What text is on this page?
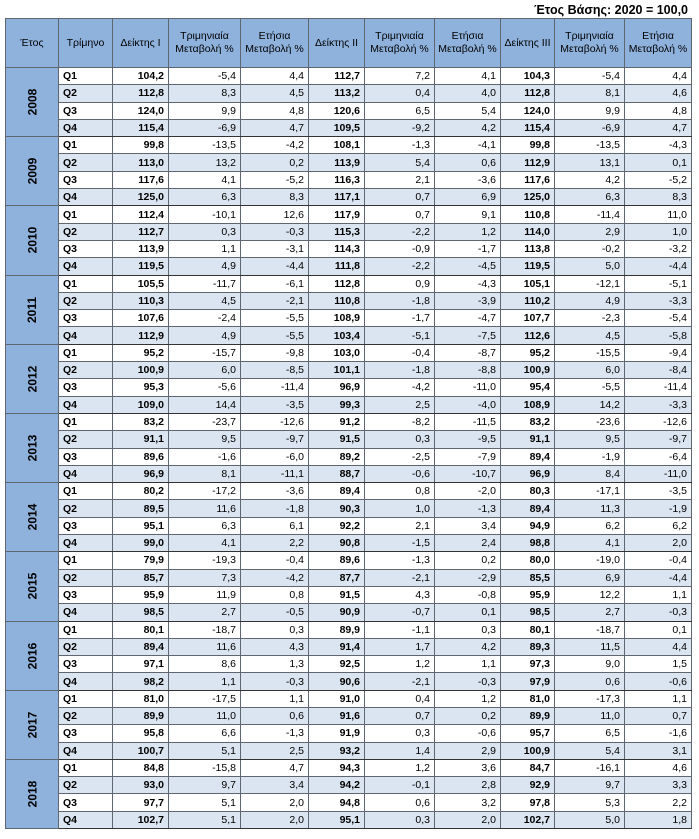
Έτος Βάσης: 2020 = 100,0
Έτος	Τρίμηνο	Δείκτης I	Τριμηνιαία Μεταβολή %	Ετήσια Μεταβολή %	Δείκτης II	Τριμηνιαία Μεταβολή %	Ετήσια Μεταβολή %	Δείκτης III	Τριμηνιαία Μεταβολή %	Ετήσια Μεταβολή %
2008	Q1	104,2	-5,4	4,4	112,7	7,2	4,1	104,3	-5,4	4,4
	Q2	112,8	8,3	4,5	113,2	0,4	4,0	112,8	8,1	4,6
	Q3	124,0	9,9	4,8	120,6	6,5	5,4	124,0	9,9	4,8
	Q4	115,4	-6,9	4,7	109,5	-9,2	4,2	115,4	-6,9	4,7
2009	Q1	99,8	-13,5	-4,2	108,1	-1,3	-4,1	99,8	-13,5	-4,3
	Q2	113,0	13,2	0,2	113,9	5,4	0,6	112,9	13,1	0,1
	Q3	117,6	4,1	-5,2	116,3	2,1	-3,6	117,6	4,2	-5,2
	Q4	125,0	6,3	8,3	117,1	0,7	6,9	125,0	6,3	8,3
2010	Q1	112,4	-10,1	12,6	117,9	0,7	9,1	110,8	-11,4	11,0
	Q2	112,7	0,3	-0,3	115,3	-2,2	1,2	114,0	2,9	1,0
	Q3	113,9	1,1	-3,1	114,3	-0,9	-1,7	113,8	-0,2	-3,2
	Q4	119,5	4,9	-4,4	111,8	-2,2	-4,5	119,5	5,0	-4,4
2011	Q1	105,5	-11,7	-6,1	112,8	0,9	-4,3	105,1	-12,1	-5,1
	Q2	110,3	4,5	-2,1	110,8	-1,8	-3,9	110,2	4,9	-3,3
	Q3	107,6	-2,4	-5,5	108,9	-1,7	-4,7	107,7	-2,3	-5,4
	Q4	112,9	4,9	-5,5	103,4	-5,1	-7,5	112,6	4,5	-5,8
2012	Q1	95,2	-15,7	-9,8	103,0	-0,4	-8,7	95,2	-15,5	-9,4
	Q2	100,9	6,0	-8,5	101,1	-1,8	-8,8	100,9	6,0	-8,4
	Q3	95,3	-5,6	-11,4	96,9	-4,2	-11,0	95,4	-5,5	-11,4
	Q4	109,0	14,4	-3,5	99,3	2,5	-4,0	108,9	14,2	-3,3
2013	Q1	83,2	-23,7	-12,6	91,2	-8,2	-11,5	83,2	-23,6	-12,6
	Q2	91,1	9,5	-9,7	91,5	0,3	-9,5	91,1	9,5	-9,7
	Q3	89,6	-1,6	-6,0	89,2	-2,5	-7,9	89,4	-1,9	-6,4
	Q4	96,9	8,1	-11,1	88,7	-0,6	-10,7	96,9	8,4	-11,0
2014	Q1	80,2	-17,2	-3,6	89,4	0,8	-2,0	80,3	-17,1	-3,5
	Q2	89,5	11,6	-1,8	90,3	1,0	-1,3	89,4	11,3	-1,9
	Q3	95,1	6,3	6,1	92,2	2,1	3,4	94,9	6,2	6,2
	Q4	99,0	4,1	2,2	90,8	-1,5	2,4	98,8	4,1	2,0
2015	Q1	79,9	-19,3	-0,4	89,6	-1,3	0,2	80,0	-19,0	-0,4
	Q2	85,7	7,3	-4,2	87,7	-2,1	-2,9	85,5	6,9	-4,4
	Q3	95,9	11,9	0,8	91,5	4,3	-0,8	95,9	12,2	1,1
	Q4	98,5	2,7	-0,5	90,9	-0,7	0,1	98,5	2,7	-0,3
2016	Q1	80,1	-18,7	0,3	89,9	-1,1	0,3	80,1	-18,7	0,1
	Q2	89,4	11,6	4,3	91,4	1,7	4,2	89,3	11,5	4,4
	Q3	97,1	8,6	1,3	92,5	1,2	1,1	97,3	9,0	1,5
	Q4	98,2	1,1	-0,3	90,6	-2,1	-0,3	97,9	0,6	-0,6
2017	Q1	81,0	-17,5	1,1	91,0	0,4	1,2	81,0	-17,3	1,1
	Q2	89,9	11,0	0,6	91,6	0,7	0,2	89,9	11,0	0,7
	Q3	95,8	6,6	-1,3	91,9	0,3	-0,6	95,7	6,5	-1,6
	Q4	100,7	5,1	2,5	93,2	1,4	2,9	100,9	5,4	3,1
2018	Q1	84,8	-15,8	4,7	94,3	1,2	3,6	84,7	-16,1	4,6
	Q2	93,0	9,7	3,4	94,2	-0,1	2,8	92,9	9,7	3,3
	Q3	97,7	5,1	2,0	94,8	0,6	3,2	97,8	5,3	2,2
	Q4	102,7	5,1	2,0	95,1	0,3	2,0	102,7	5,0	1,8
